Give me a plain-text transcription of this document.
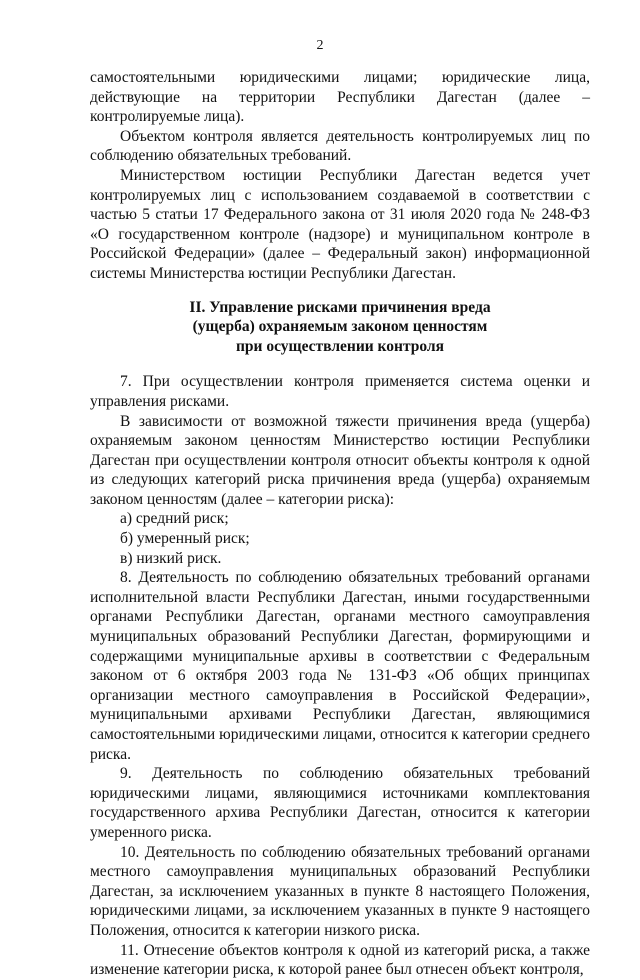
2

самостоятельными юридическими лицами; юридические лица, действующие на территории Республики Дагестан (далее – контролируемые лица).

Объектом контроля является деятельность контролируемых лиц по соблюдению обязательных требований.

Министерством юстиции Республики Дагестан ведется учет контролируемых лиц с использованием создаваемой в соответствии с частью 5 статьи 17 Федерального закона от 31 июля 2020 года № 248-ФЗ «О государственном контроле (надзоре) и муниципальном контроле в Российской Федерации» (далее – Федеральный закон) информационной системы Министерства юстиции Республики Дагестан.

II. Управление рисками причинения вреда
(ущерба) охраняемым законом ценностям
при осуществлении контроля

7. При осуществлении контроля применяется система оценки и управления рисками.

В зависимости от возможной тяжести причинения вреда (ущерба) охраняемым законом ценностям Министерство юстиции Республики Дагестан при осуществлении контроля относит объекты контроля к одной из следующих категорий риска причинения вреда (ущерба) охраняемым законом ценностям (далее – категории риска):

а) средний риск;

б) умеренный риск;

в) низкий риск.

8. Деятельность по соблюдению обязательных требований органами исполнительной власти Республики Дагестан, иными государственными органами Республики Дагестан, органами местного самоуправления муниципальных образований Республики Дагестан, формирующими и содержащими муниципальные архивы в соответствии с Федеральным законом от 6 октября 2003 года № 131-ФЗ «Об общих принципах организации местного самоуправления в Российской Федерации», муниципальными архивами Республики Дагестан, являющимися самостоятельными юридическими лицами, относится к категории среднего риска.

9. Деятельность по соблюдению обязательных требований юридическими лицами, являющимися источниками комплектования государственного архива Республики Дагестан, относится к категории умеренного риска.

10. Деятельность по соблюдению обязательных требований органами местного самоуправления муниципальных образований Республики Дагестан, за исключением указанных в пункте 8 настоящего Положения, юридическими лицами, за исключением указанных в пункте 9 настоящего Положения, относится к категории низкого риска.

11. Отнесение объектов контроля к одной из категорий риска, а также изменение категории риска, к которой ранее был отнесен объект контроля,
